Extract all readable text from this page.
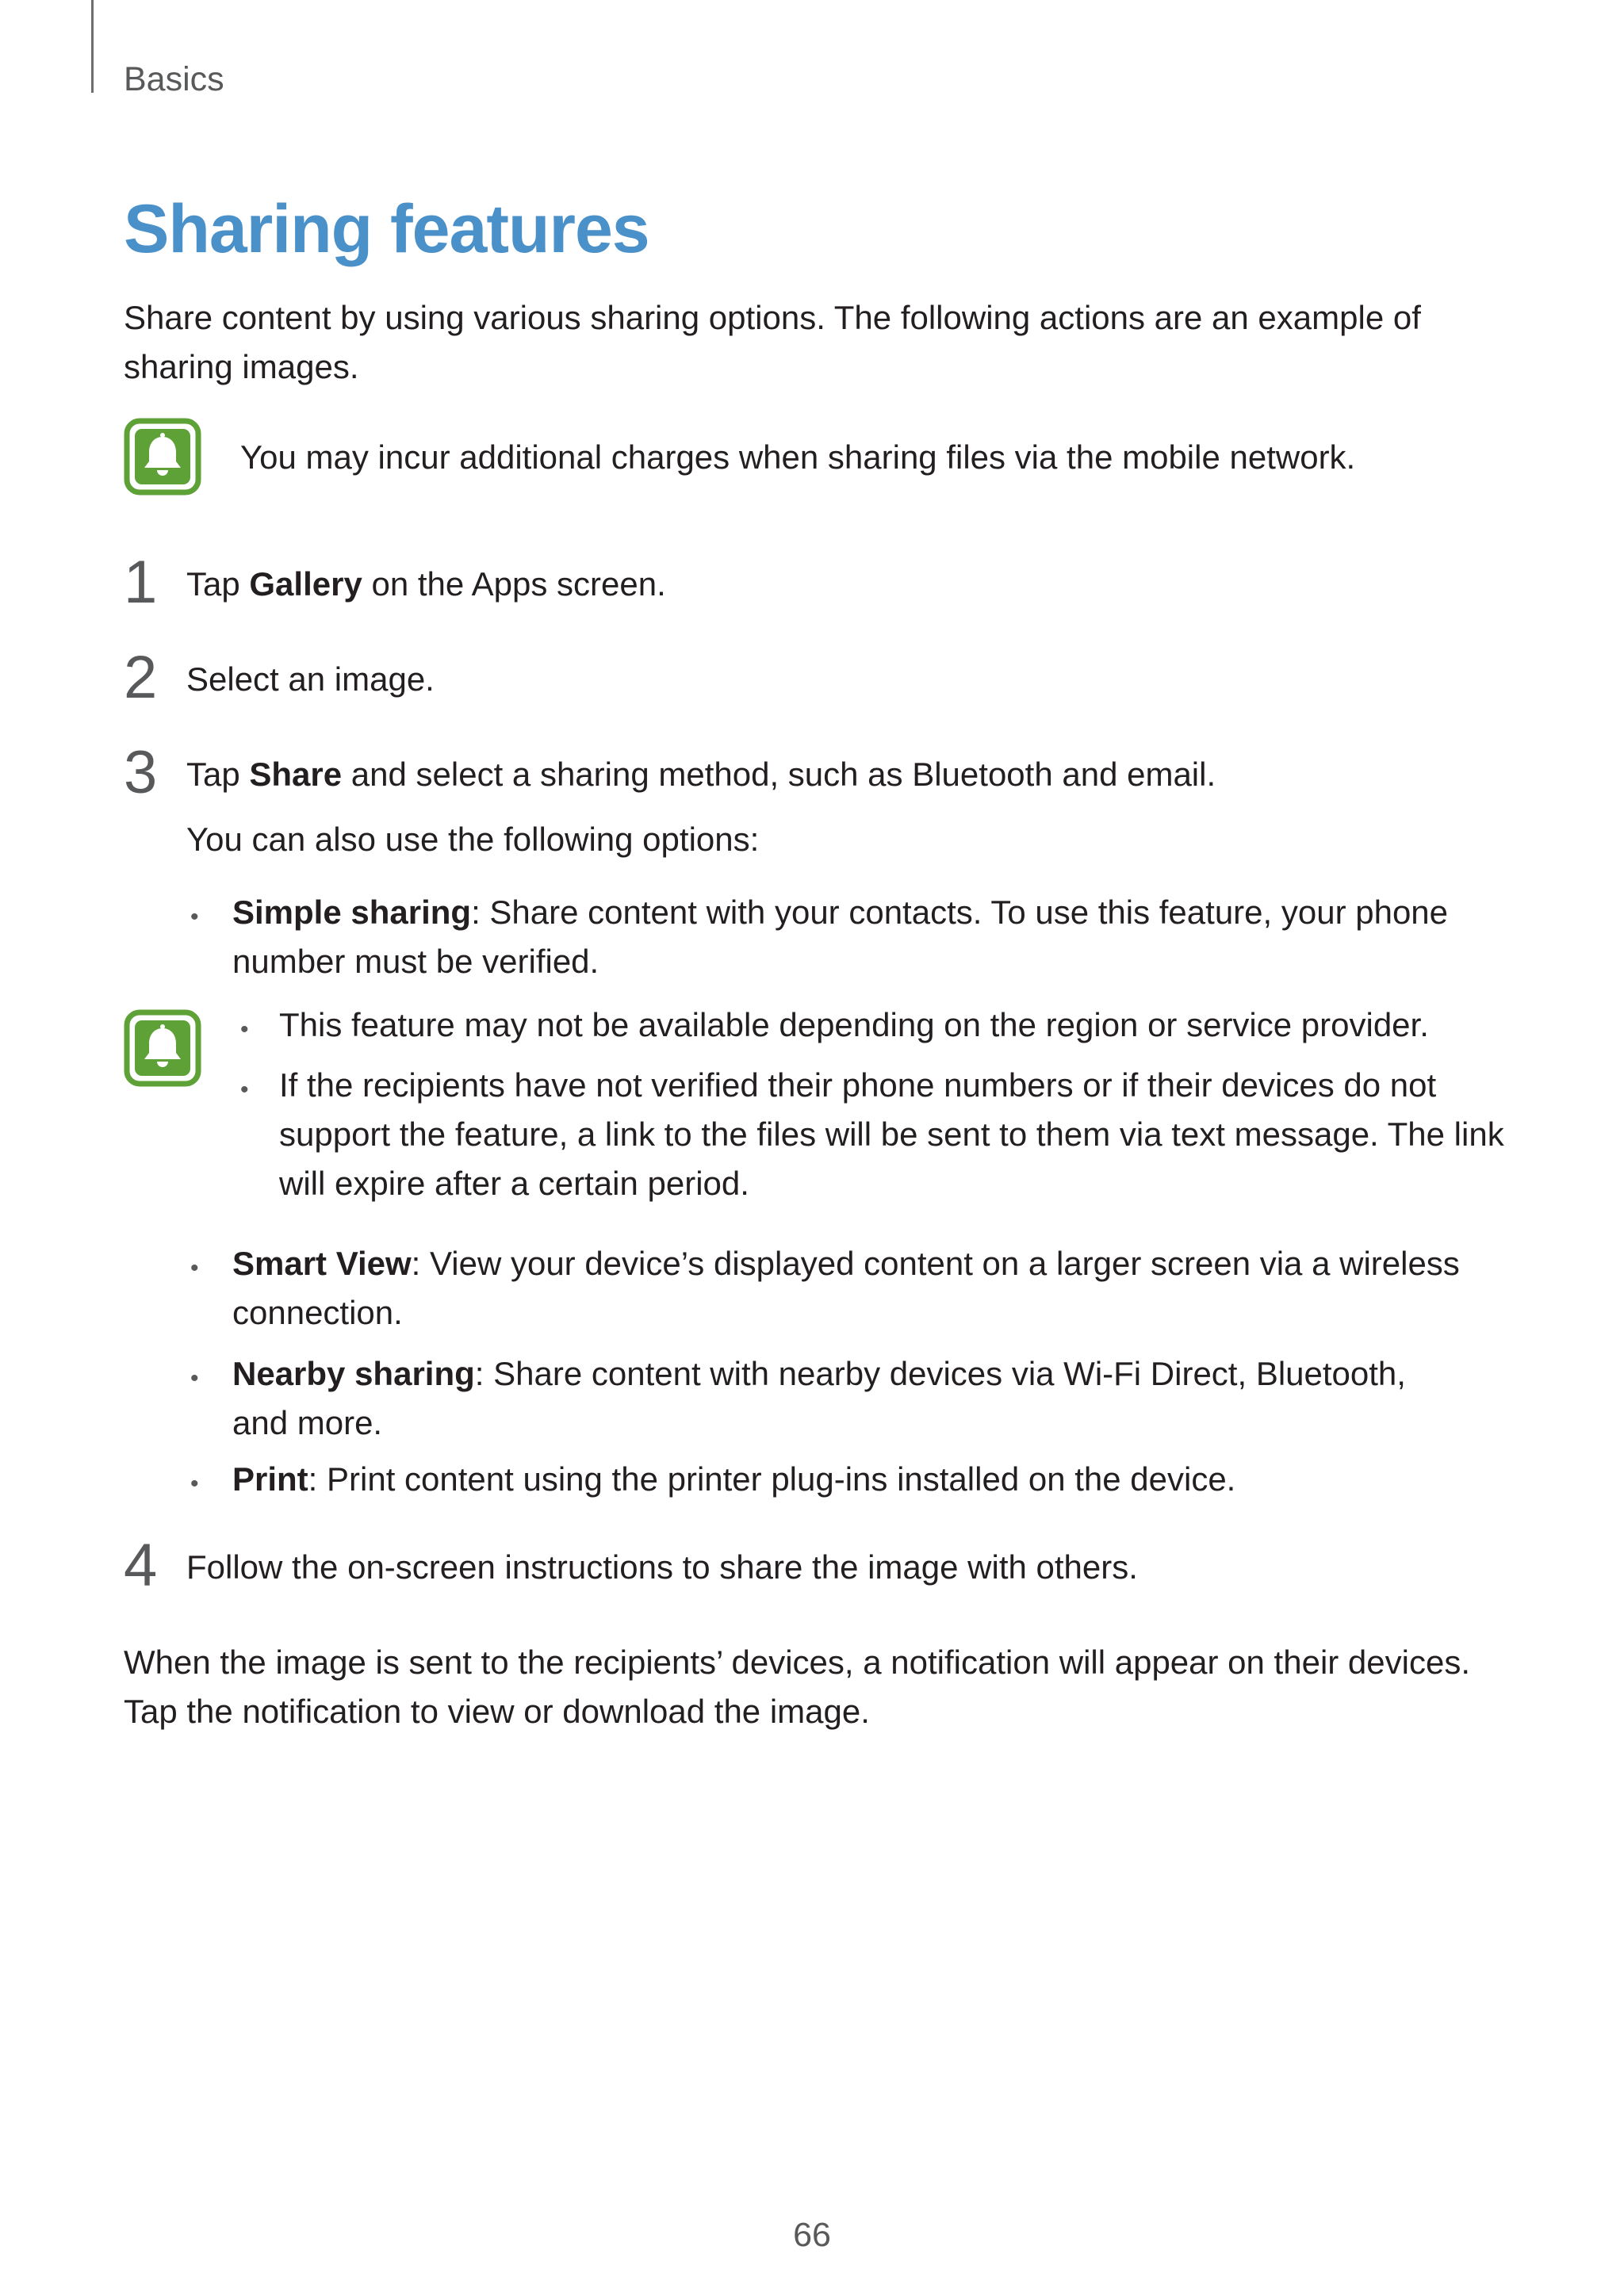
Basics
Sharing features

Share content by using various sharing options. The following actions are an example of sharing images.

You may incur additional charges when sharing files via the mobile network.

1 Tap Gallery on the Apps screen.

2 Select an image.

3 Tap Share and select a sharing method, such as Bluetooth and email.

You can also use the following options:

• Simple sharing: Share content with your contacts. To use this feature, your phone number must be verified.

• This feature may not be available depending on the region or service provider.

• If the recipients have not verified their phone numbers or if their devices do not support the feature, a link to the files will be sent to them via text message. The link will expire after a certain period.

• Smart View: View your device’s displayed content on a larger screen via a wireless connection.

• Nearby sharing: Share content with nearby devices via Wi-Fi Direct, Bluetooth, and more.

• Print: Print content using the printer plug-ins installed on the device.

4 Follow the on-screen instructions to share the image with others.

When the image is sent to the recipients’ devices, a notification will appear on their devices. Tap the notification to view or download the image.

66
